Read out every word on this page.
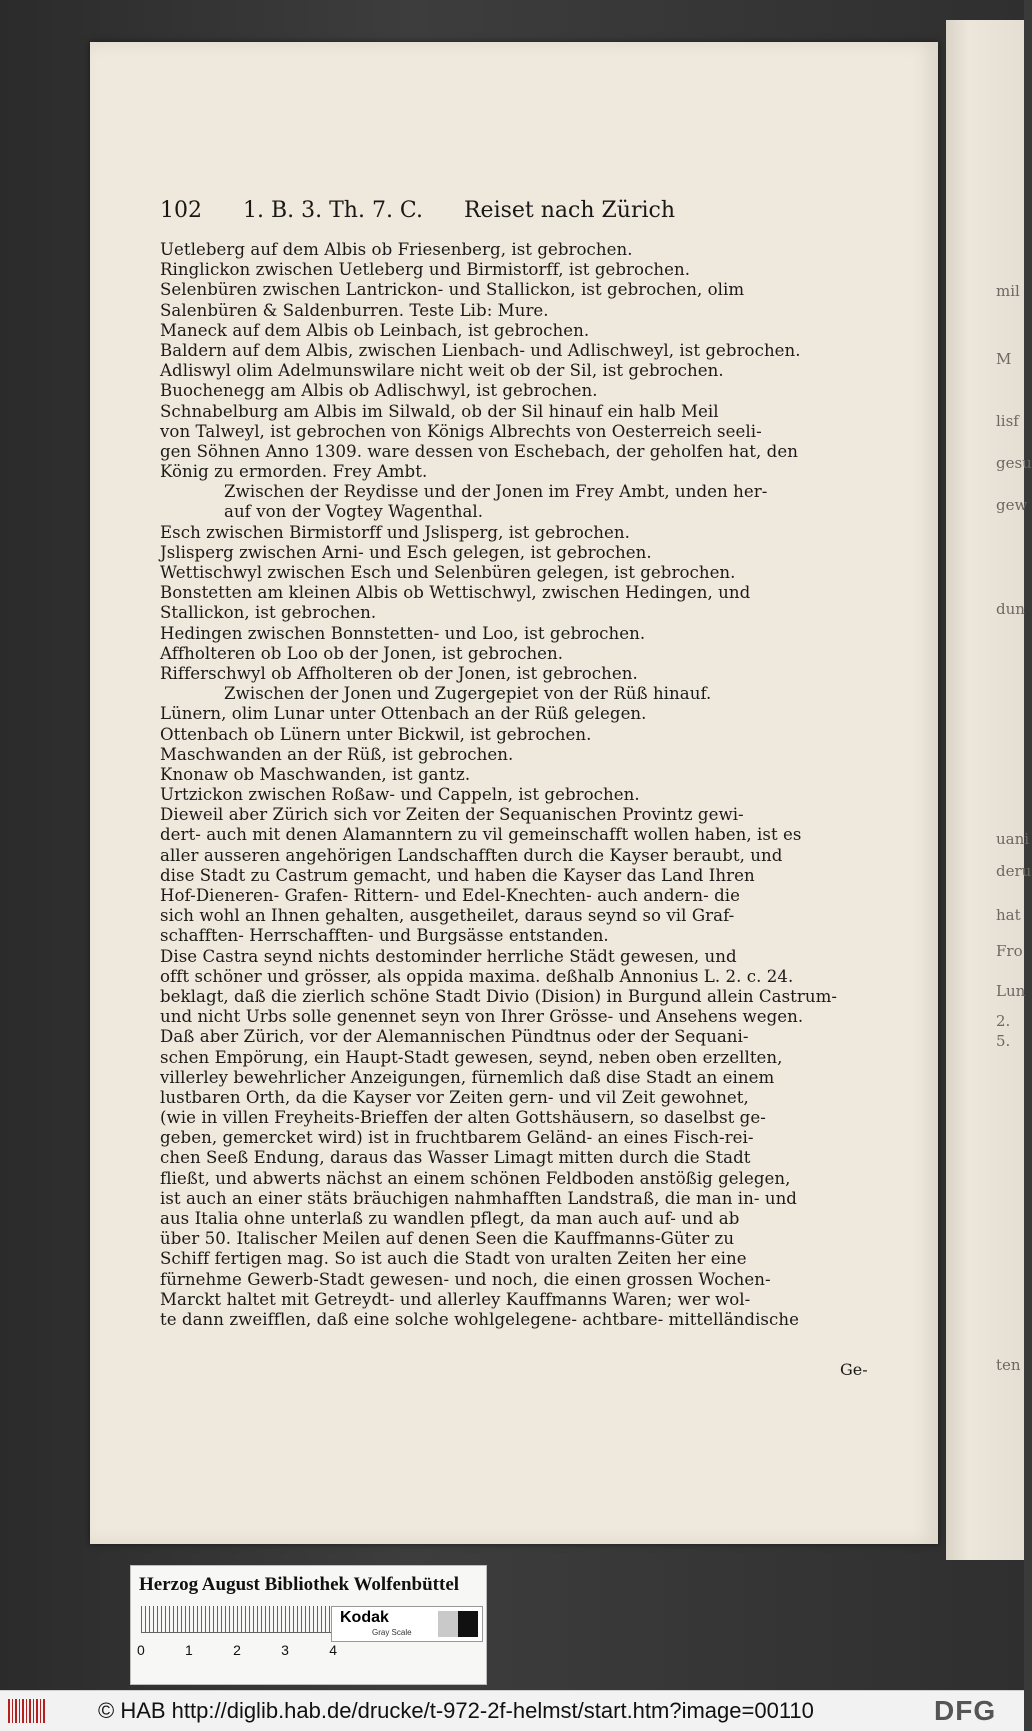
mil
M
lisf
gesu
gew
dun
uani
deru
hat
Fro
Lun
2.
5.
ten
102 1. B. 3. Th. 7. C. Reiset nach Zürich
Uetleberg auf dem Albis ob Friesenberg, ist gebrochen.
Ringlickon zwischen Uetleberg und Birmistorff, ist gebrochen.
Selenbüren zwischen Lantrickon- und Stallickon, ist gebrochen, olim
Salenbüren & Saldenburren. Teste Lib: Mure.
Maneck auf dem Albis ob Leinbach, ist gebrochen.
Baldern auf dem Albis, zwischen Lienbach- und Adlischweyl, ist gebrochen.
Adliswyl olim Adelmunswilare nicht weit ob der Sil, ist gebrochen.
Buochenegg am Albis ob Adlischwyl, ist gebrochen.
Schnabelburg am Albis im Silwald, ob der Sil hinauf ein halb Meil
von Talweyl, ist gebrochen von Königs Albrechts von Oesterreich seeli-
gen Söhnen Anno 1309. ware dessen von Eschebach, der geholfen hat, den
König zu ermorden. Frey Ambt.
Zwischen der Reydisse und der Jonen im Frey Ambt, unden her-
auf von der Vogtey Wagenthal.
Esch zwischen Birmistorff und Jslisperg, ist gebrochen.
Jslisperg zwischen Arni- und Esch gelegen, ist gebrochen.
Wettischwyl zwischen Esch und Selenbüren gelegen, ist gebrochen.
Bonstetten am kleinen Albis ob Wettischwyl, zwischen Hedingen, und
Stallickon, ist gebrochen.
Hedingen zwischen Bonnstetten- und Loo, ist gebrochen.
Affholteren ob Loo ob der Jonen, ist gebrochen.
Rifferschwyl ob Affholteren ob der Jonen, ist gebrochen.
Zwischen der Jonen und Zugergepiet von der Rüß hinauf.
Lünern, olim Lunar unter Ottenbach an der Rüß gelegen.
Ottenbach ob Lünern unter Bickwil, ist gebrochen.
Maschwanden an der Rüß, ist gebrochen.
Knonaw ob Maschwanden, ist gantz.
Urtzickon zwischen Roßaw- und Cappeln, ist gebrochen.
Dieweil aber Zürich sich vor Zeiten der Sequanischen Provintz gewi-
dert- auch mit denen Alamanntern zu vil gemeinschafft wollen haben, ist es
aller ausseren angehörigen Landschafften durch die Kayser beraubt, und
dise Stadt zu Castrum gemacht, und haben die Kayser das Land Ihren
Hof-Dieneren- Grafen- Rittern- und Edel-Knechten- auch andern- die
sich wohl an Ihnen gehalten, ausgetheilet, daraus seynd so vil Graf-
schafften- Herrschafften- und Burgsässe entstanden.
Dise Castra seynd nichts destominder herrliche Städt gewesen, und
offt schöner und grösser, als oppida maxima. deßhalb Annonius L. 2. c. 24.
beklagt, daß die zierlich schöne Stadt Divio (Dision) in Burgund allein Castrum-
und nicht Urbs solle genennet seyn von Ihrer Grösse- und Ansehens wegen.
Daß aber Zürich, vor der Alemannischen Pündtnus oder der Sequani-
schen Empörung, ein Haupt-Stadt gewesen, seynd, neben oben erzellten,
villerley bewehrlicher Anzeigungen, fürnemlich daß dise Stadt an einem
lustbaren Orth, da die Kayser vor Zeiten gern- und vil Zeit gewohnet,
(wie in villen Freyheits-Brieffen der alten Gottshäusern, so daselbst ge-
geben, gemercket wird) ist in fruchtbarem Geländ- an eines Fisch-rei-
chen Seeß Endung, daraus das Wasser Limagt mitten durch die Stadt
fließt, und abwerts nächst an einem schönen Feldboden anstößig gelegen,
ist auch an einer stäts bräuchigen nahmhafften Landstraß, die man in- und
aus Italia ohne unterlaß zu wandlen pflegt, da man auch auf- und ab
über 50. Italischer Meilen auf denen Seen die Kauffmanns-Güter zu
Schiff fertigen mag. So ist auch die Stadt von uralten Zeiten her eine
fürnehme Gewerb-Stadt gewesen- und noch, die einen grossen Wochen-
Marckt haltet mit Getreydt- und allerley Kauffmanns Waren; wer wol-
te dann zweifflen, daß eine solche wohlgelegene- achtbare- mittelländische
Ge-
Herzog August Bibliothek Wolfenbüttel
0	1	2	3	4
Kodak
Gray Scale
© HAB http://diglib.hab.de/drucke/t-972-2f-helmst/start.htm?image=00110	DFG
